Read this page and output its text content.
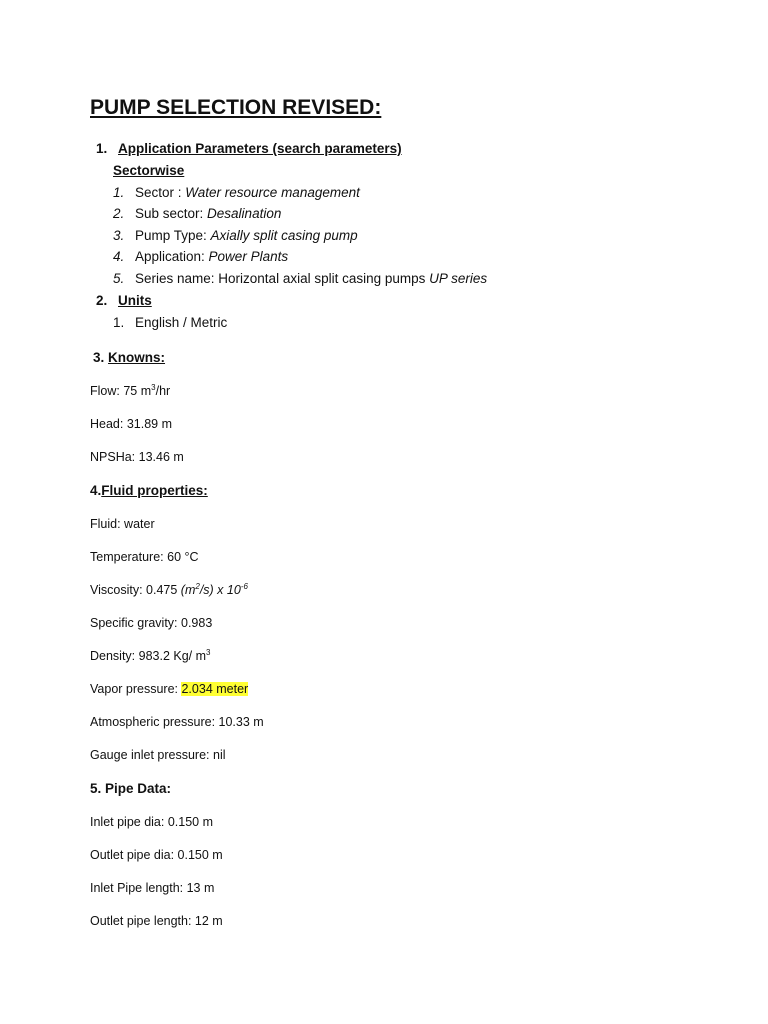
PUMP SELECTION REVISED:
1. Application Parameters (search parameters)
Sectorwise
1. Sector : Water resource management
2. Sub sector: Desalination
3. Pump Type: Axially split casing pump
4. Application: Power Plants
5. Series name: Horizontal axial split casing pumps UP series
2. Units
1. English / Metric
3. Knowns:
Flow: 75 $m^3/hr$
Head: 31.89 m
NPSHa: 13.46 m
4.Fluid properties:
Fluid: water
Temperature: 60 °C
Viscosity: 0.475 $(m^2/s)$ x $10^{-6}$
Specific gravity: 0.983
Density: 983.2 Kg/ $m^3$
Vapor pressure: 2.034 meter
Atmospheric pressure: 10.33 m
Gauge inlet pressure: nil
5. Pipe Data:
Inlet pipe dia: 0.150 m
Outlet pipe dia: 0.150 m
Inlet Pipe length: 13 m
Outlet pipe length: 12 m
